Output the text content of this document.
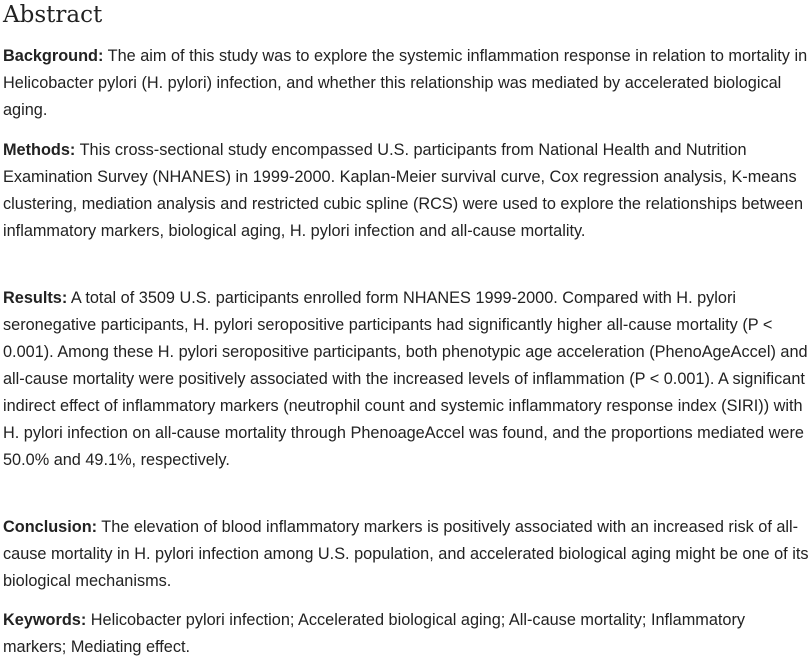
Abstract

Background: The aim of this study was to explore the systemic inflammation response in relation to mortality in Helicobacter pylori (H. pylori) infection, and whether this relationship was mediated by accelerated biological aging.

Methods: This cross-sectional study encompassed U.S. participants from National Health and Nutrition Examination Survey (NHANES) in 1999-2000. Kaplan-Meier survival curve, Cox regression analysis, K-means clustering, mediation analysis and restricted cubic spline (RCS) were used to explore the relationships between inflammatory markers, biological aging, H. pylori infection and all-cause mortality.

Results: A total of 3509 U.S. participants enrolled form NHANES 1999-2000. Compared with H. pylori seronegative participants, H. pylori seropositive participants had significantly higher all-cause mortality (P < 0.001). Among these H. pylori seropositive participants, both phenotypic age acceleration (PhenoAgeAccel) and all-cause mortality were positively associated with the increased levels of inflammation (P < 0.001). A significant indirect effect of inflammatory markers (neutrophil count and systemic inflammatory response index (SIRI)) with H. pylori infection on all-cause mortality through PhenoageAccel was found, and the proportions mediated were 50.0% and 49.1%, respectively.

Conclusion: The elevation of blood inflammatory markers is positively associated with an increased risk of all-cause mortality in H. pylori infection among U.S. population, and accelerated biological aging might be one of its biological mechanisms.

Keywords: Helicobacter pylori infection; Accelerated biological aging; All-cause mortality; Inflammatory markers; Mediating effect.
